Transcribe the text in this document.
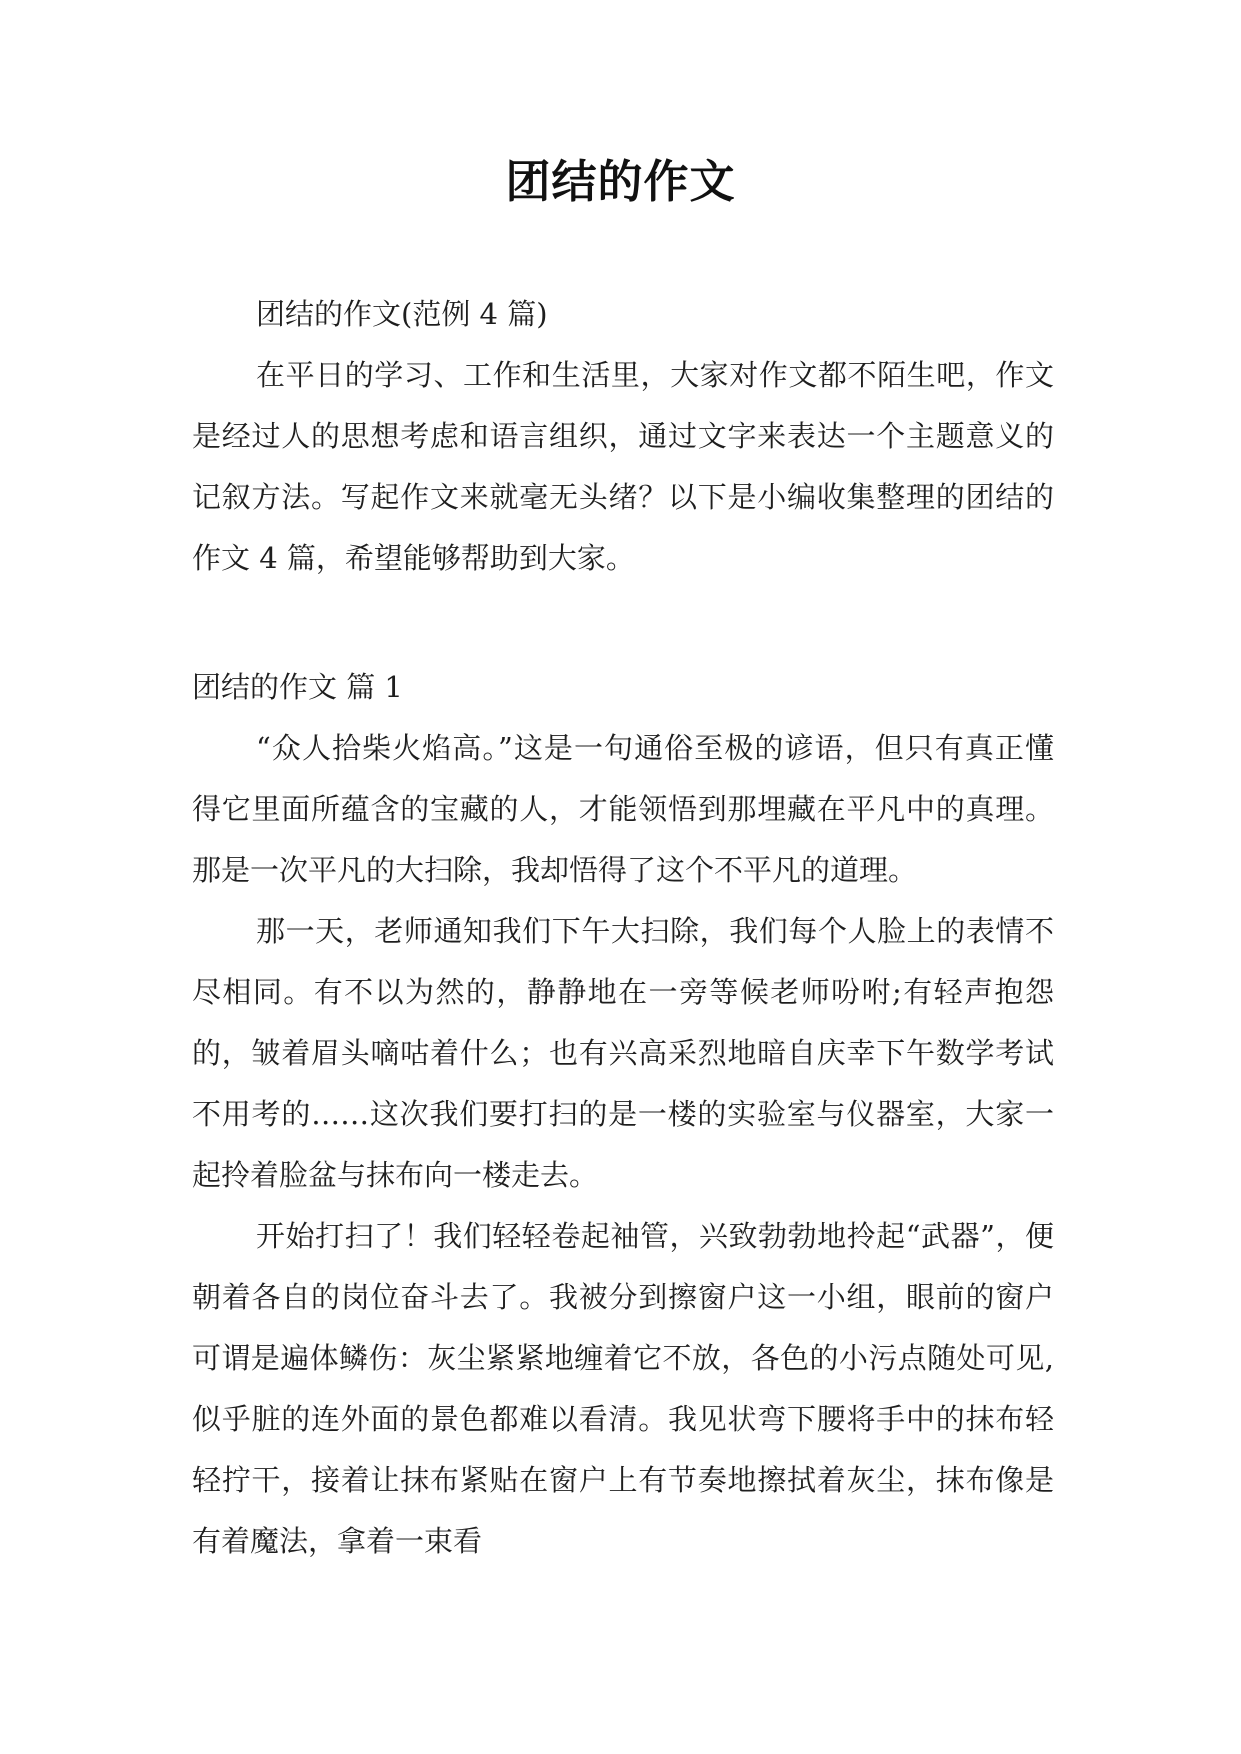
团结的作文

团结的作文(范例 4 篇)

在平日的学习、工作和生活里，大家对作文都不陌生吧，作文是经过人的思想考虑和语言组织，通过文字来表达一个主题意义的记叙方法。写起作文来就毫无头绪？以下是小编收集整理的团结的作文 4 篇，希望能够帮助到大家。

团结的作文 篇 1

“众人拾柴火焰高。”这是一句通俗至极的谚语，但只有真正懂得它里面所蕴含的宝藏的人，才能领悟到那埋藏在平凡中的真理。那是一次平凡的大扫除，我却悟得了这个不平凡的道理。

那一天，老师通知我们下午大扫除，我们每个人脸上的表情不尽相同。有不以为然的，静静地在一旁等候老师吩咐;有轻声抱怨的，皱着眉头嘀咕着什么；也有兴高采烈地暗自庆幸下午数学考试不用考的……这次我们要打扫的是一楼的实验室与仪器室，大家一起拎着脸盆与抹布向一楼走去。

开始打扫了！我们轻轻卷起袖管，兴致勃勃地拎起“武器”，便朝着各自的岗位奋斗去了。我被分到擦窗户这一小组，眼前的窗户可谓是遍体鳞伤：灰尘紧紧地缠着它不放，各色的小污点随处可见,似乎脏的连外面的景色都难以看清。我见状弯下腰将手中的抹布轻轻拧干，接着让抹布紧贴在窗户上有节奏地擦拭着灰尘，抹布像是有着魔法，拿着一束看
